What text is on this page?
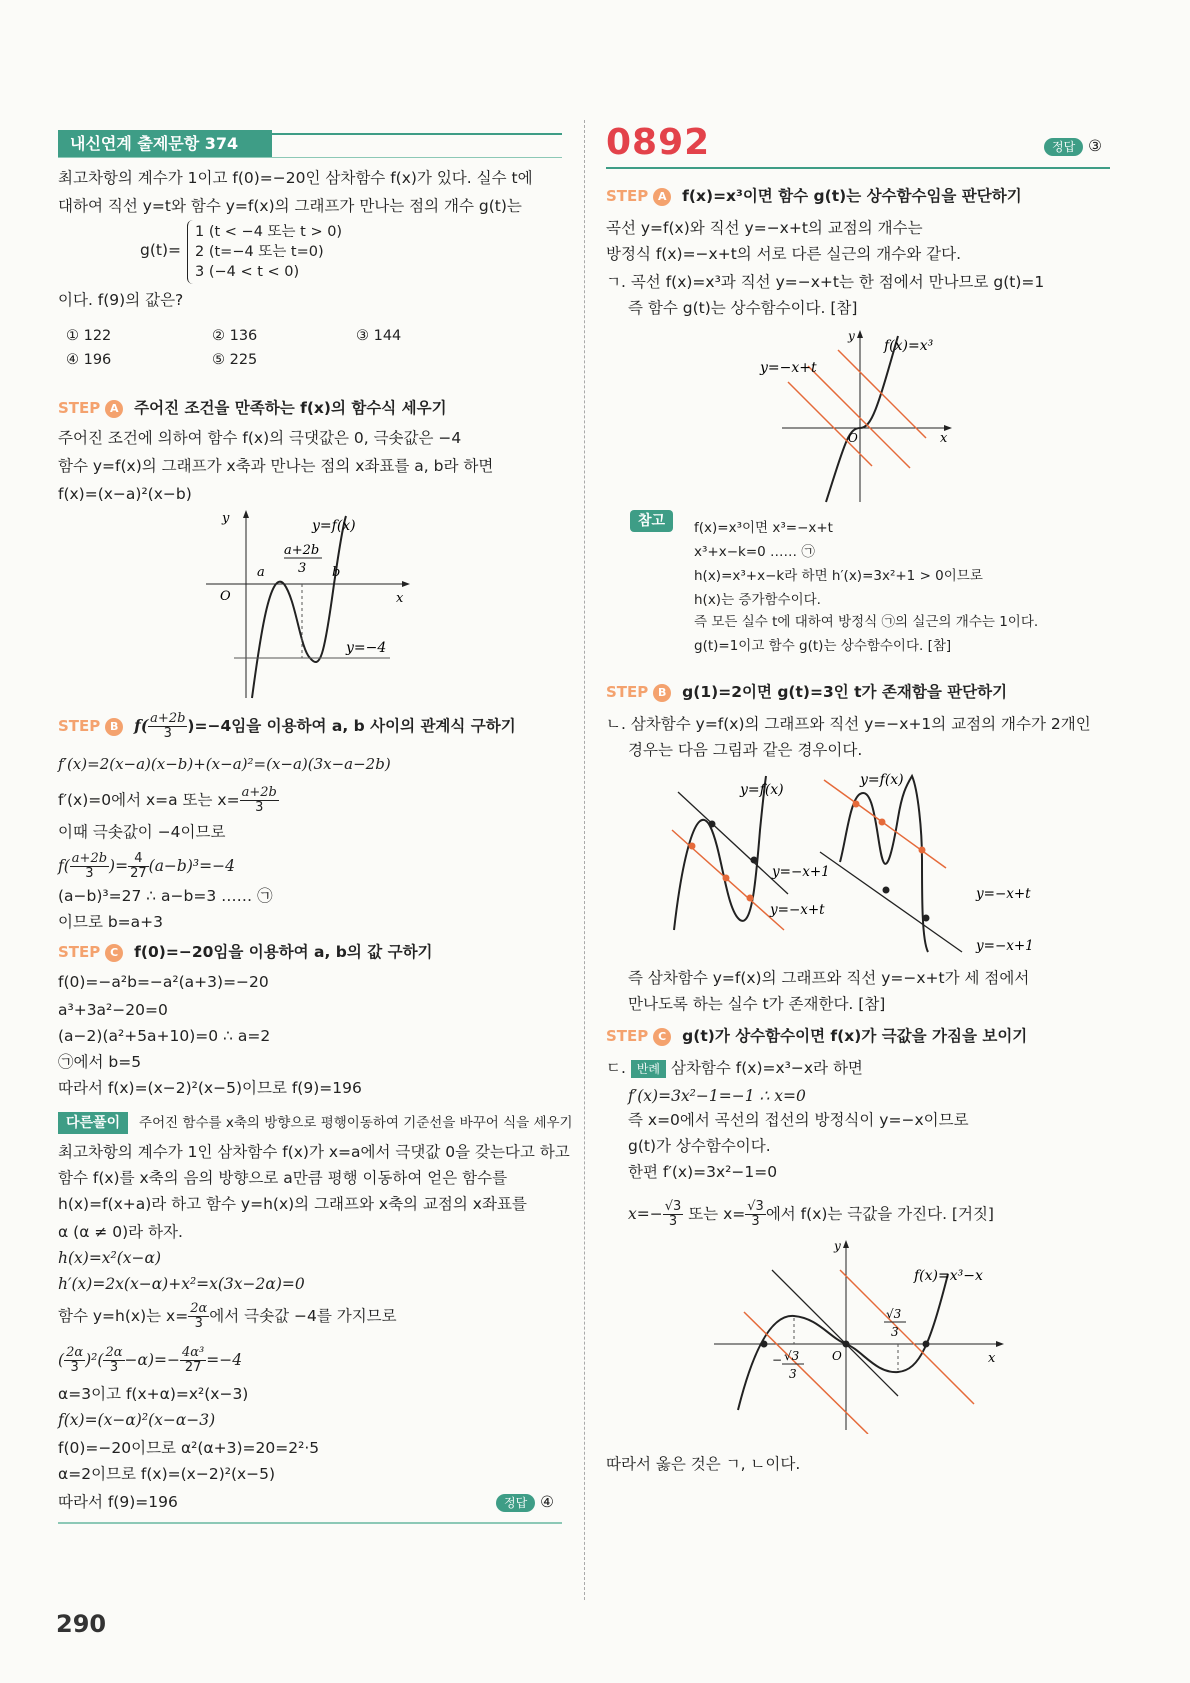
내신연계 출제문항 374
최고차항의 계수가 1이고 f(0)=−20인 삼차함수 f(x)가 있다. 실수 t에
대하여 직선 y=t와 함수 y=f(x)의 그래프가 만나는 점의 개수 g(t)는
g(t)=
1 (t < −4 또는 t > 0)
2 (t=−4 또는 t=0)
3 (−4 < t < 0)
이다. f(9)의 값은?
① 122	② 136	③ 144
④ 196	⑤ 225
STEP A 주어진 조건을 만족하는 f(x)의 함수식 세우기
주어진 조건에 의하여 함수 f(x)의 극댓값은 0, 극솟값은 −4
함수 y=f(x)의 그래프가 x축과 만나는 점의 x좌표를 a, b라 하면
f(x)=(x−a)²(x−b)
y
x
O
y=f(x)
a	b
a+2b
3
y=−4
STEP B $f( \frac{a+2b}{3} )=-4$임을 이용하여 a, b 사이의 관계식 구하기
f′(x)=2(x−a)(x−b)+(x−a)²=(x−a)(3x−a−2b)
f′(x)=0에서 x=a 또는 $x= \frac{a+2b}{3}$
이때 극솟값이 −4이므로
$f( \frac{a+2b}{3}$ )= $\frac{4}{27} (a-b)^3=-4$
(a−b)³=27 ∴ a−b=3 …… ㉠
이므로 b=a+3
STEP C f(0)=−20임을 이용하여 a, b의 값 구하기
f(0)=−a²b=−a²(a+3)=−20
a³+3a²−20=0
(a−2)(a²+5a+10)=0 ∴ a=2
㉠에서 b=5
따라서 f(x)=(x−2)²(x−5)이므로 f(9)=196
다른풀이 주어진 함수를 x축의 방향으로 평행이동하여 기준선을 바꾸어 식을 세우기
최고차항의 계수가 1인 삼차함수 f(x)가 x=a에서 극댓값 0을 갖는다고 하고
함수 f(x)를 x축의 음의 방향으로 a만큼 평행 이동하여 얻은 함수를
h(x)=f(x+a)라 하고 함수 y=h(x)의 그래프와 x축의 교점의 x좌표를
α (α ≠ 0)라 하자.
h(x)=x²(x−α)
h′(x)=2x(x−α)+x²=x(3x−2α)=0
함수 y=h(x)는 $x= \frac{2\alpha}{3}$ 에서 극솟값 −4를 가지므로
( $\frac{2\alpha}{3} )^2( \frac{2\alpha}{3} -\alpha)=- \frac{\text{4α³}}{27} =-4$
α=3이고 f(x+α)=x²(x−3)
f(x)=(x−α)²(x−α−3)
f(0)=−20이므로 α²(α+3)=20=2²·5
α=2이므로 f(x)=(x−2)²(x−5)
따라서 f(9)=196	정답 ④
0892	정답 ③
STEP A f(x)=x³이면 함수 g(t)는 상수함수임을 판단하기
곡선 y=f(x)와 직선 y=−x+t의 교점의 개수는
방정식 f(x)=−x+t의 서로 다른 실근의 개수와 같다.
ㄱ. 곡선 f(x)=x³과 직선 y=−x+t는 한 점에서 만나므로 g(t)=1
즉 함수 g(t)는 상수함수이다. [참]
y
x
O
f(x)=x³
y=−x+t
참고	f(x)=x³이면 x³=−x+t
x³+x−k=0 …… ㉠
h(x)=x³+x−k라 하면 h′(x)=3x²+1 > 0이므로
h(x)는 증가함수이다.
즉 모든 실수 t에 대하여 방정식 ㉠의 실근의 개수는 1이다.
g(t)=1이고 함수 g(t)는 상수함수이다. [참]
STEP B g(1)=2이면 g(t)=3인 t가 존재함을 판단하기
ㄴ. 삼차함수 y=f(x)의 그래프와 직선 y=−x+1의 교점의 개수가 2개인
경우는 다음 그림과 같은 경우이다.
y=f(x)
y=−x+1
y=−x+t
y=f(x)
y=−x+t
y=−x+1
즉 삼차함수 y=f(x)의 그래프와 직선 y=−x+t가 세 점에서
만나도록 하는 실수 t가 존재한다. [참]
STEP C g(t)가 상수함수이면 f(x)가 극값을 가짐을 보이기
ㄷ. 반례 삼차함수 f(x)=x³−x라 하면
f′(x)=3x²−1=−1 ∴ x=0
즉 x=0에서 곡선의 접선의 방정식이 y=−x이므로
g(t)가 상수함수이다.
한편 f′(x)=3x²−1=0
$x=- \frac{√3}{3}$ 또는 $x= \frac{√3}{3}$ 에서 f(x)는 극값을 가진다. [거짓]
y
x
O
f(x)=x³−x
√3
3
− √3
3
따라서 옳은 것은 ㄱ, ㄴ이다.
290
